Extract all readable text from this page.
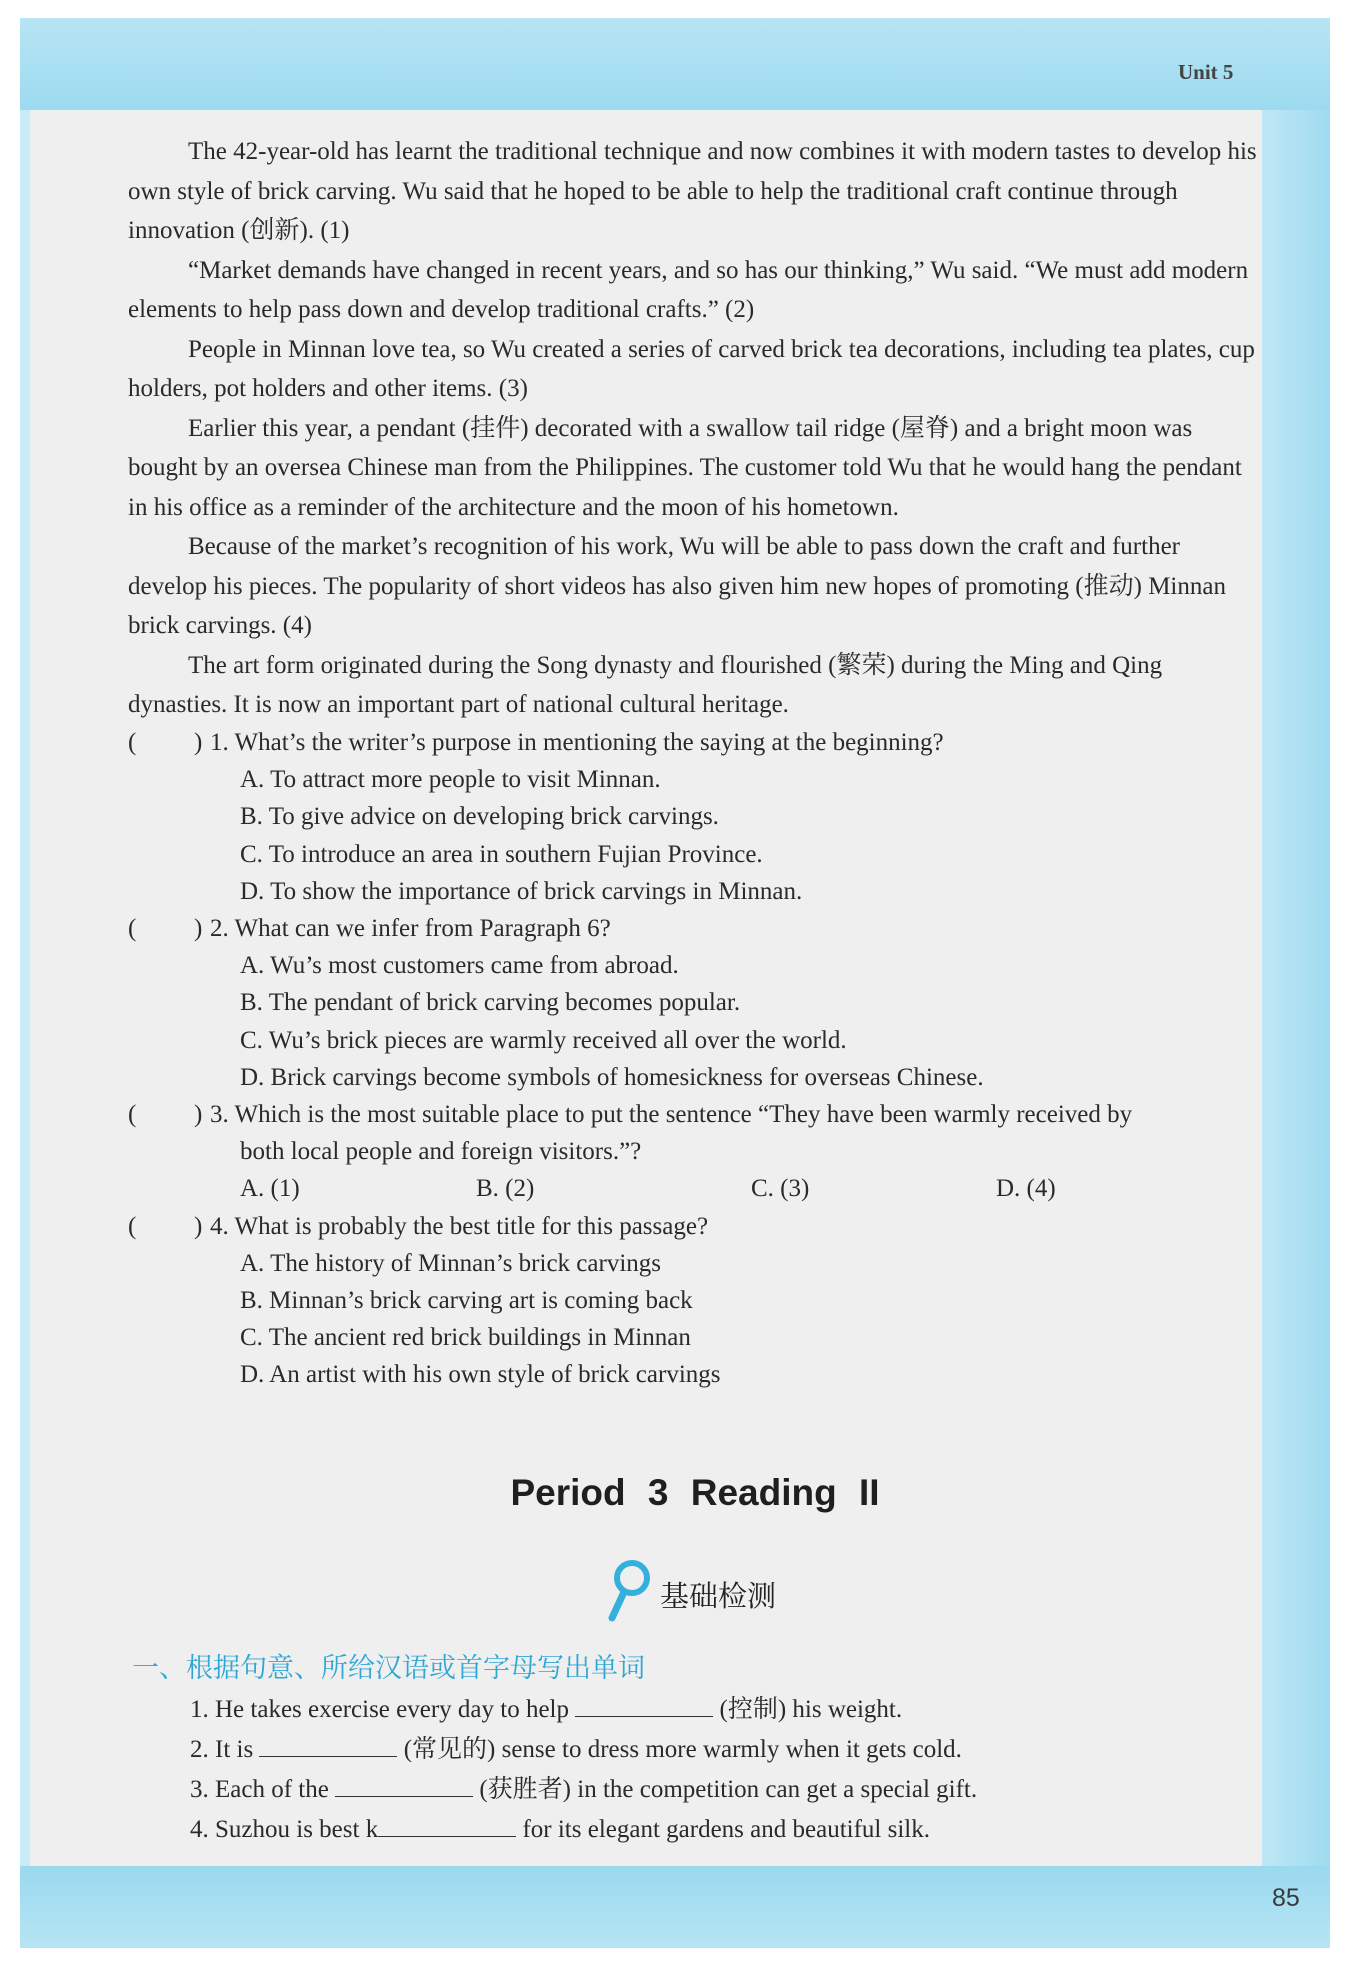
Unit 5

The 42-year-old has learnt the traditional technique and now combines it with modern tastes to develop his own style of brick carving. Wu said that he hoped to be able to help the traditional craft continue through innovation (创新). (1)

“Market demands have changed in recent years, and so has our thinking,” Wu said. “We must add modern elements to help pass down and develop traditional crafts.” (2)

People in Minnan love tea, so Wu created a series of carved brick tea decorations, including tea plates, cup holders, pot holders and other items. (3)

Earlier this year, a pendant (挂件) decorated with a swallow tail ridge (屋脊) and a bright moon was bought by an oversea Chinese man from the Philippines. The customer told Wu that he would hang the pendant in his office as a reminder of the architecture and the moon of his hometown.

Because of the market’s recognition of his work, Wu will be able to pass down the craft and further develop his pieces. The popularity of short videos has also given him new hopes of promoting (推动) Minnan brick carvings. (4)

The art form originated during the Song dynasty and flourished (繁荣) during the Ming and Qing dynasties. It is now an important part of national cultural heritage.

( ) 1. What’s the writer’s purpose in mentioning the saying at the beginning?
A. To attract more people to visit Minnan.
B. To give advice on developing brick carvings.
C. To introduce an area in southern Fujian Province.
D. To show the importance of brick carvings in Minnan.
( ) 2. What can we infer from Paragraph 6?
A. Wu’s most customers came from abroad.
B. The pendant of brick carving becomes popular.
C. Wu’s brick pieces are warmly received all over the world.
D. Brick carvings become symbols of homesickness for overseas Chinese.
( ) 3. Which is the most suitable place to put the sentence “They have been warmly received by
both local people and foreign visitors.”?
A. (1)	B. (2)	C. (3)	D. (4)
( ) 4. What is probably the best title for this passage?
A. The history of Minnan’s brick carvings
B. Minnan’s brick carving art is coming back
C. The ancient red brick buildings in Minnan
D. An artist with his own style of brick carvings
Period 3 Reading II
基础检测
一、根据句意、所给汉语或首字母写出单词
1. He takes exercise every day to help	(控制) his weight.
2. It is	(常见的) sense to dress more warmly when it gets cold.
3. Each of the	(获胜者) in the competition can get a special gift.
4. Suzhou is best k	for its elegant gardens and beautiful silk.
85
